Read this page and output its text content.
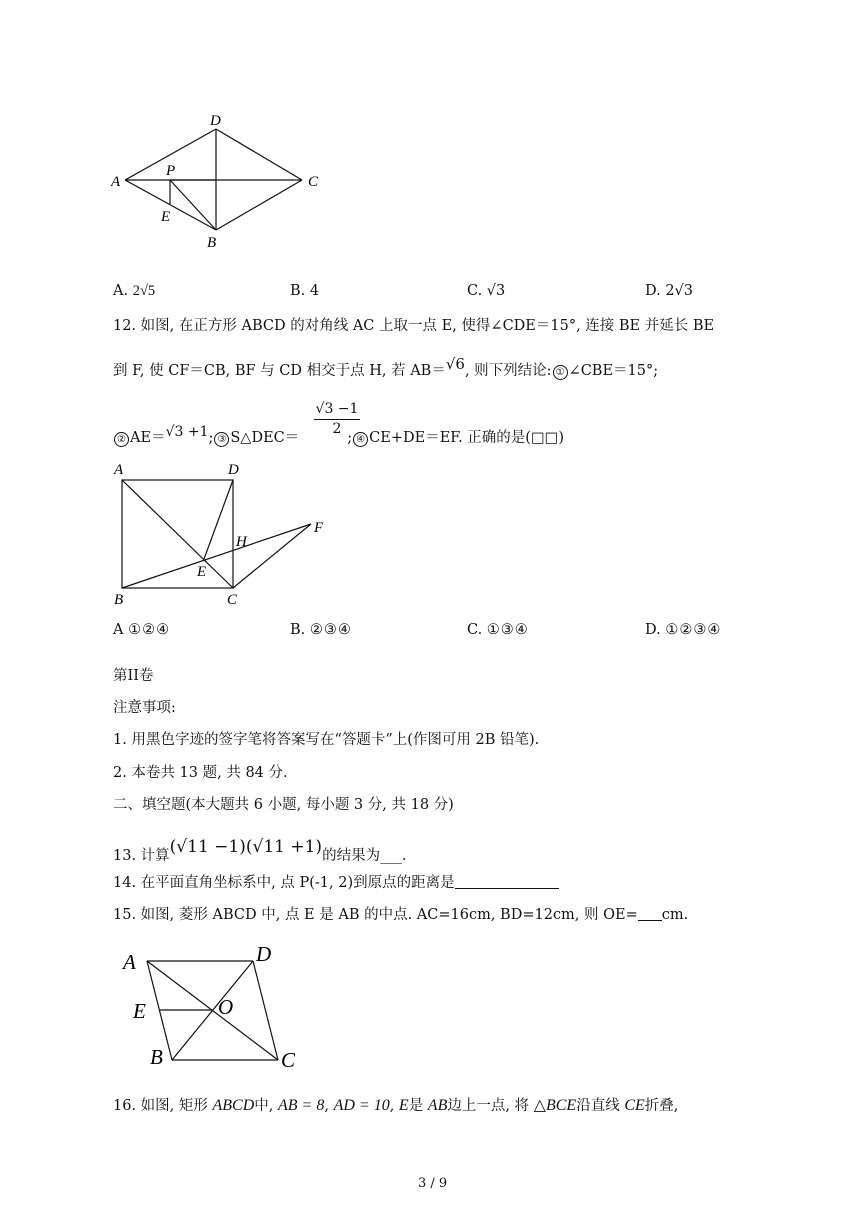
D
A
P
C
E
B
A. 2√5	B. 4	C. √3	D. 2√3
12. 如图, 在正方形 ABCD 的对角线 AC 上取一点 E, 使得∠CDE＝15°, 连接 BE 并延长 BE
到 F, 使 CF＝CB, BF 与 CD 相交于点 H, 若 AB＝√6, 则下列结论: ① ∠CBE＝15°;
② AE＝√3 +1; ③ S△DEC＝	; ④ CE+DE＝EF. 正确的是(□□)
√3 −1
2
A	D
F
H
E
B	C
A ①②④	B. ②③④	C. ①③④	D. ①②③④
第II卷
注意事项:
1. 用黑色字迹的签字笔将答案写在“答题卡”上(作图可用 2B 铅笔).
2. 本卷共 13 题, 共 84 分.
二、填空题(本大题共 6 小题, 每小题 3 分, 共 18 分)
13. 计算(√11 −1)(√11 +1)的结果为___.
14. 在平面直角坐标系中, 点 P(-1, 2)到原点的距离是
15. 如图, 菱形 ABCD 中, 点 E 是 AB 的中点. AC=16cm, BD=12cm, 则 OE= cm.
A	D
E	O
B	C
16. 如图, 矩形 ABCD中, AB = 8, AD = 10, E是 AB边上一点, 将 △BCE沿直线 CE折叠,
3 / 9
